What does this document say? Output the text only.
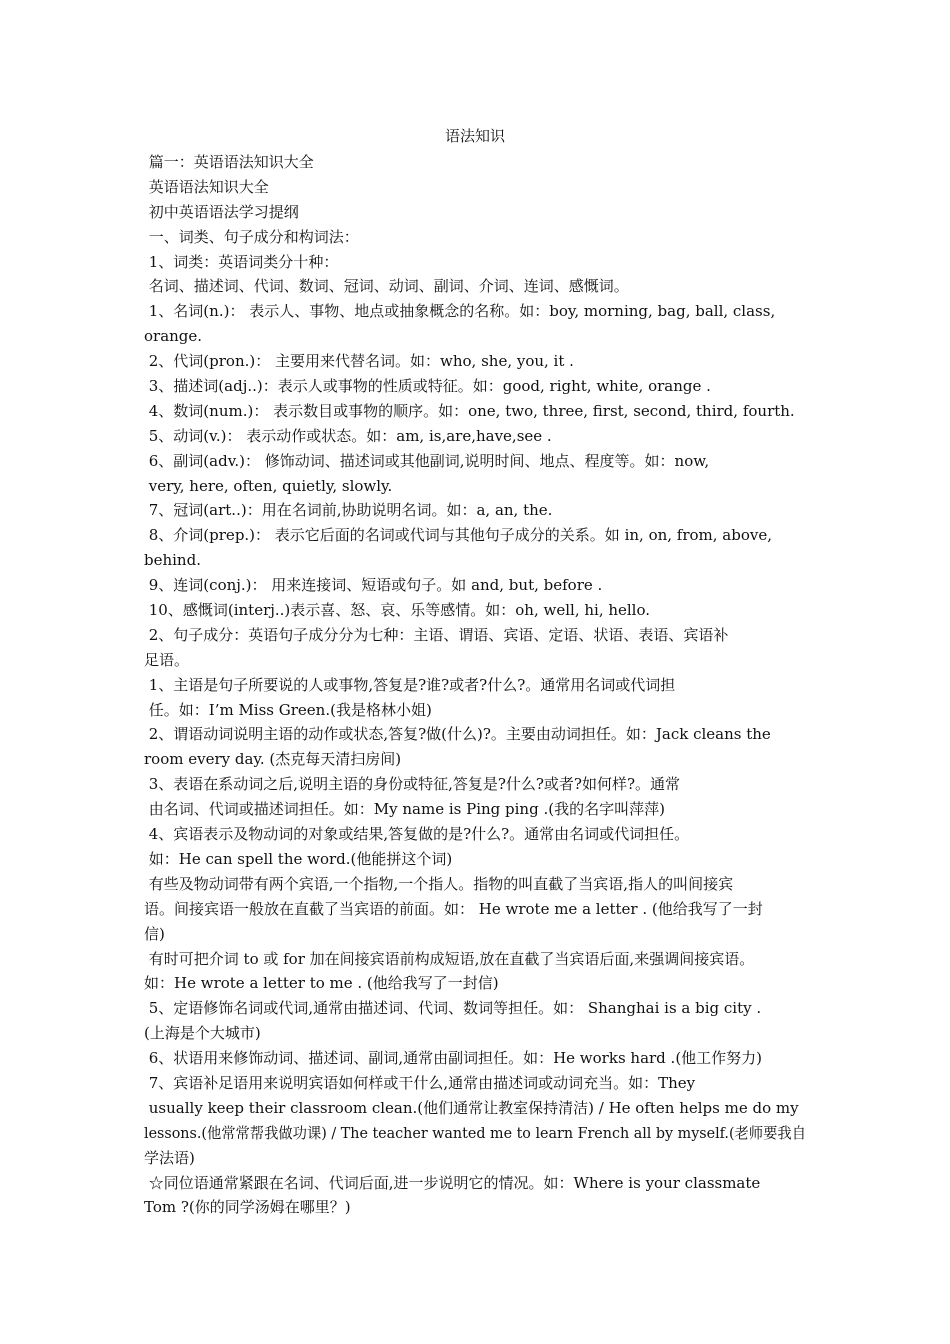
语法知识
篇一：英语语法知识大全
英语语法知识大全
初中英语语法学习提纲
一、词类、句子成分和构词法：
1、词类：英语词类分十种：
名词、描述词、代词、数词、冠词、动词、副词、介词、连词、感慨词。
1、名词(n.)： 表示人、事物、地点或抽象概念的名称。如：boy, morning, bag, ball, class,
orange.
2、代词(pron.)： 主要用来代替名词。如：who, she, you, it .
3、描述词(adj..)：表示人或事物的性质或特征。如：good, right, white, orange .
4、数词(num.)： 表示数目或事物的顺序。如：one, two, three, first, second, third, fourth.
5、动词(v.)： 表示动作或状态。如：am, is,are,have,see .
6、副词(adv.)： 修饰动词、描述词或其他副词,说明时间、地点、程度等。如：now,
very, here, often, quietly, slowly.
7、冠词(art..)：用在名词前,协助说明名词。如：a, an, the.
8、介词(prep.)： 表示它后面的名词或代词与其他句子成分的关系。如 in, on, from, above,
behind.
9、连词(conj.)： 用来连接词、短语或句子。如 and, but, before .
10、感慨词(interj..)表示喜、怒、哀、乐等感情。如：oh, well, hi, hello.
2、句子成分：英语句子成分分为七种：主语、谓语、宾语、定语、状语、表语、宾语补
足语。
1、主语是句子所要说的人或事物,答复是?谁?或者?什么?。通常用名词或代词担
任。如：I’m Miss Green.(我是格林小姐)
2、谓语动词说明主语的动作或状态,答复?做(什么)?。主要由动词担任。如：Jack cleans the
room every day. (杰克每天清扫房间)
3、表语在系动词之后,说明主语的身份或特征,答复是?什么?或者?如何样?。通常
由名词、代词或描述词担任。如：My name is Ping ping .(我的名字叫萍萍)
4、宾语表示及物动词的对象或结果,答复做的是?什么?。通常由名词或代词担任。
如：He can spell the word.(他能拼这个词)
有些及物动词带有两个宾语,一个指物,一个指人。指物的叫直截了当宾语,指人的叫间接宾
语。间接宾语一般放在直截了当宾语的前面。如： He wrote me a letter . (他给我写了一封
信)
有时可把介词 to 或 for 加在间接宾语前构成短语,放在直截了当宾语后面,来强调间接宾语。
如：He wrote a letter to me . (他给我写了一封信)
5、定语修饰名词或代词,通常由描述词、代词、数词等担任。如： Shanghai is a big city .
(上海是个大城市)
6、状语用来修饰动词、描述词、副词,通常由副词担任。如：He works hard .(他工作努力)
7、宾语补足语用来说明宾语如何样或干什么,通常由描述词或动词充当。如：They
usually keep their classroom clean.(他们通常让教室保持清洁) / He often helps me do my
lessons.(他常常帮我做功课) / The teacher wanted me to learn French all by myself.(老师要我自
学法语)
☆同位语通常紧跟在名词、代词后面,进一步说明它的情况。如：Where is your classmate
Tom ?(你的同学汤姆在哪里？)
